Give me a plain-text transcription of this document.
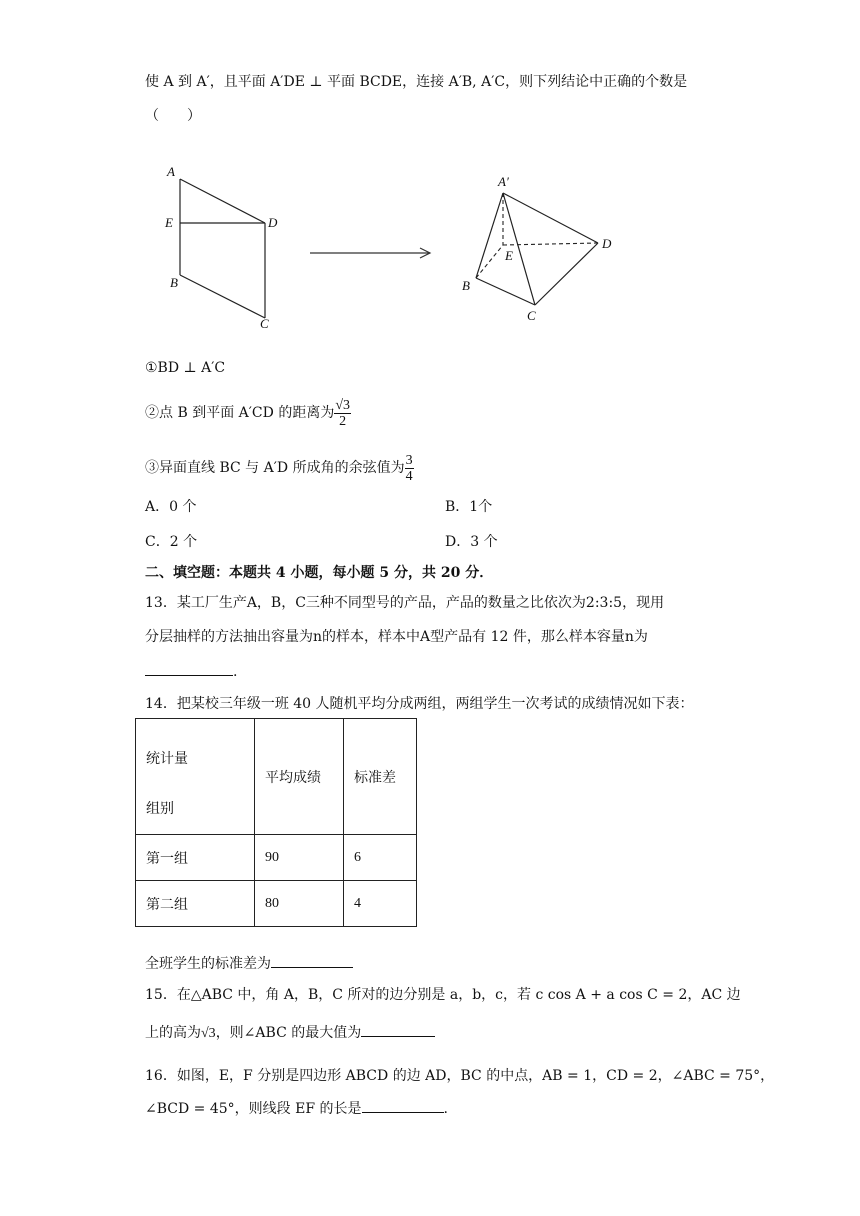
使 A 到 A′，且平面 A′DE ⊥ 平面 BCDE，连接 A′B, A′C，则下列结论中正确的个数是
（　　）
A
E	D
B
C
A′
E
D
B
C
①BD ⊥ A′C
②点 B 到平面 A′CD 的距离为 $\frac{√3}{2}$
③异面直线 BC 与 A′D 所成角的余弦值为 $\frac{3}{4}$
A．0 个	B．1个
C．2 个	D．3 个
二、填空题：本题共 4 小题，每小题 5 分，共 20 分．
13．某工厂生产A，B，C三种不同型号的产品，产品的数量之比依次为2:3:5，现用
分层抽样的方法抽出容量为n的样本，样本中A型产品有 12 件，那么样本容量n为
.
14．把某校三年级一班 40 人随机平均分成两组，两组学生一次考试的成绩情况如下表：
统计量
组别	平均成绩	标准差
第一组	90	6
第二组	80	4
全班学生的标准差为
15．在△ABC 中，角 A，B，C 所对的边分别是 a，b，c，若 c cos A + a cos C = 2，AC 边
上的高为√3，则∠ABC 的最大值为
16．如图，E，F 分别是四边形 ABCD 的边 AD，BC 的中点，AB = 1，CD = 2，∠ABC = 75°，
∠BCD = 45°，则线段 EF 的长是	.
